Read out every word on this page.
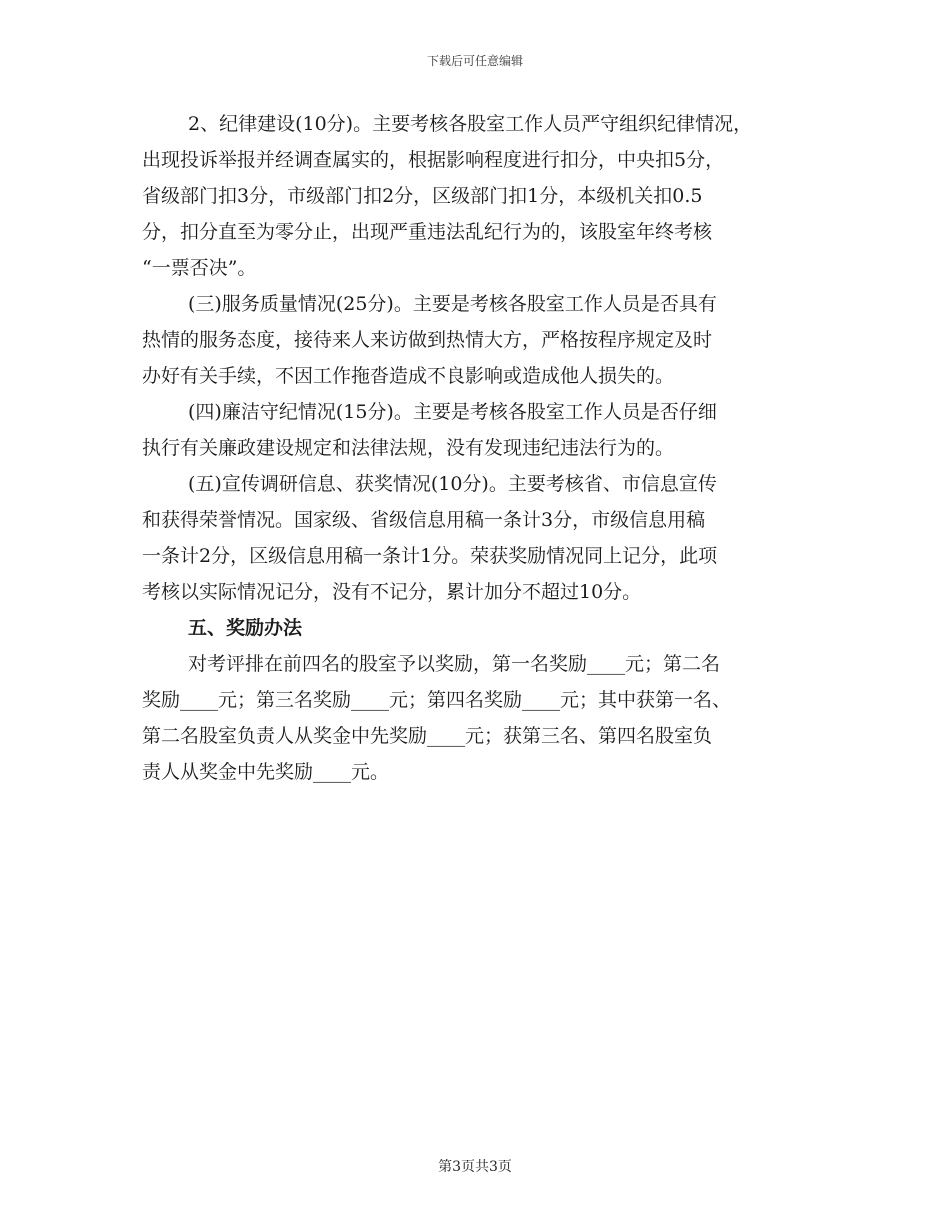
下载后可任意编辑
2、纪律建设(10分)。主要考核各股室工作人员严守组织纪律情况，
出现投诉举报并经调查属实的，根据影响程度进行扣分，中央扣5分，
省级部门扣3分，市级部门扣2分，区级部门扣1分，本级机关扣0.5
分，扣分直至为零分止，出现严重违法乱纪行为的，该股室年终考核
“一票否决”。
(三)服务质量情况(25分)。主要是考核各股室工作人员是否具有
热情的服务态度，接待来人来访做到热情大方，严格按程序规定及时
办好有关手续，不因工作拖沓造成不良影响或造成他人损失的。
(四)廉洁守纪情况(15分)。主要是考核各股室工作人员是否仔细
执行有关廉政建设规定和法律法规，没有发现违纪违法行为的。
(五)宣传调研信息、获奖情况(10分)。主要考核省、市信息宣传
和获得荣誉情况。国家级、省级信息用稿一条计3分，市级信息用稿
一条计2分，区级信息用稿一条计1分。荣获奖励情况同上记分，此项
考核以实际情况记分，没有不记分，累计加分不超过10分。
五、奖励办法
对考评排在前四名的股室予以奖励，第一名奖励____元；第二名
奖励____元；第三名奖励____元；第四名奖励____元；其中获第一名、
第二名股室负责人从奖金中先奖励____元；获第三名、第四名股室负
责人从奖金中先奖励____元。
第3页共3页
